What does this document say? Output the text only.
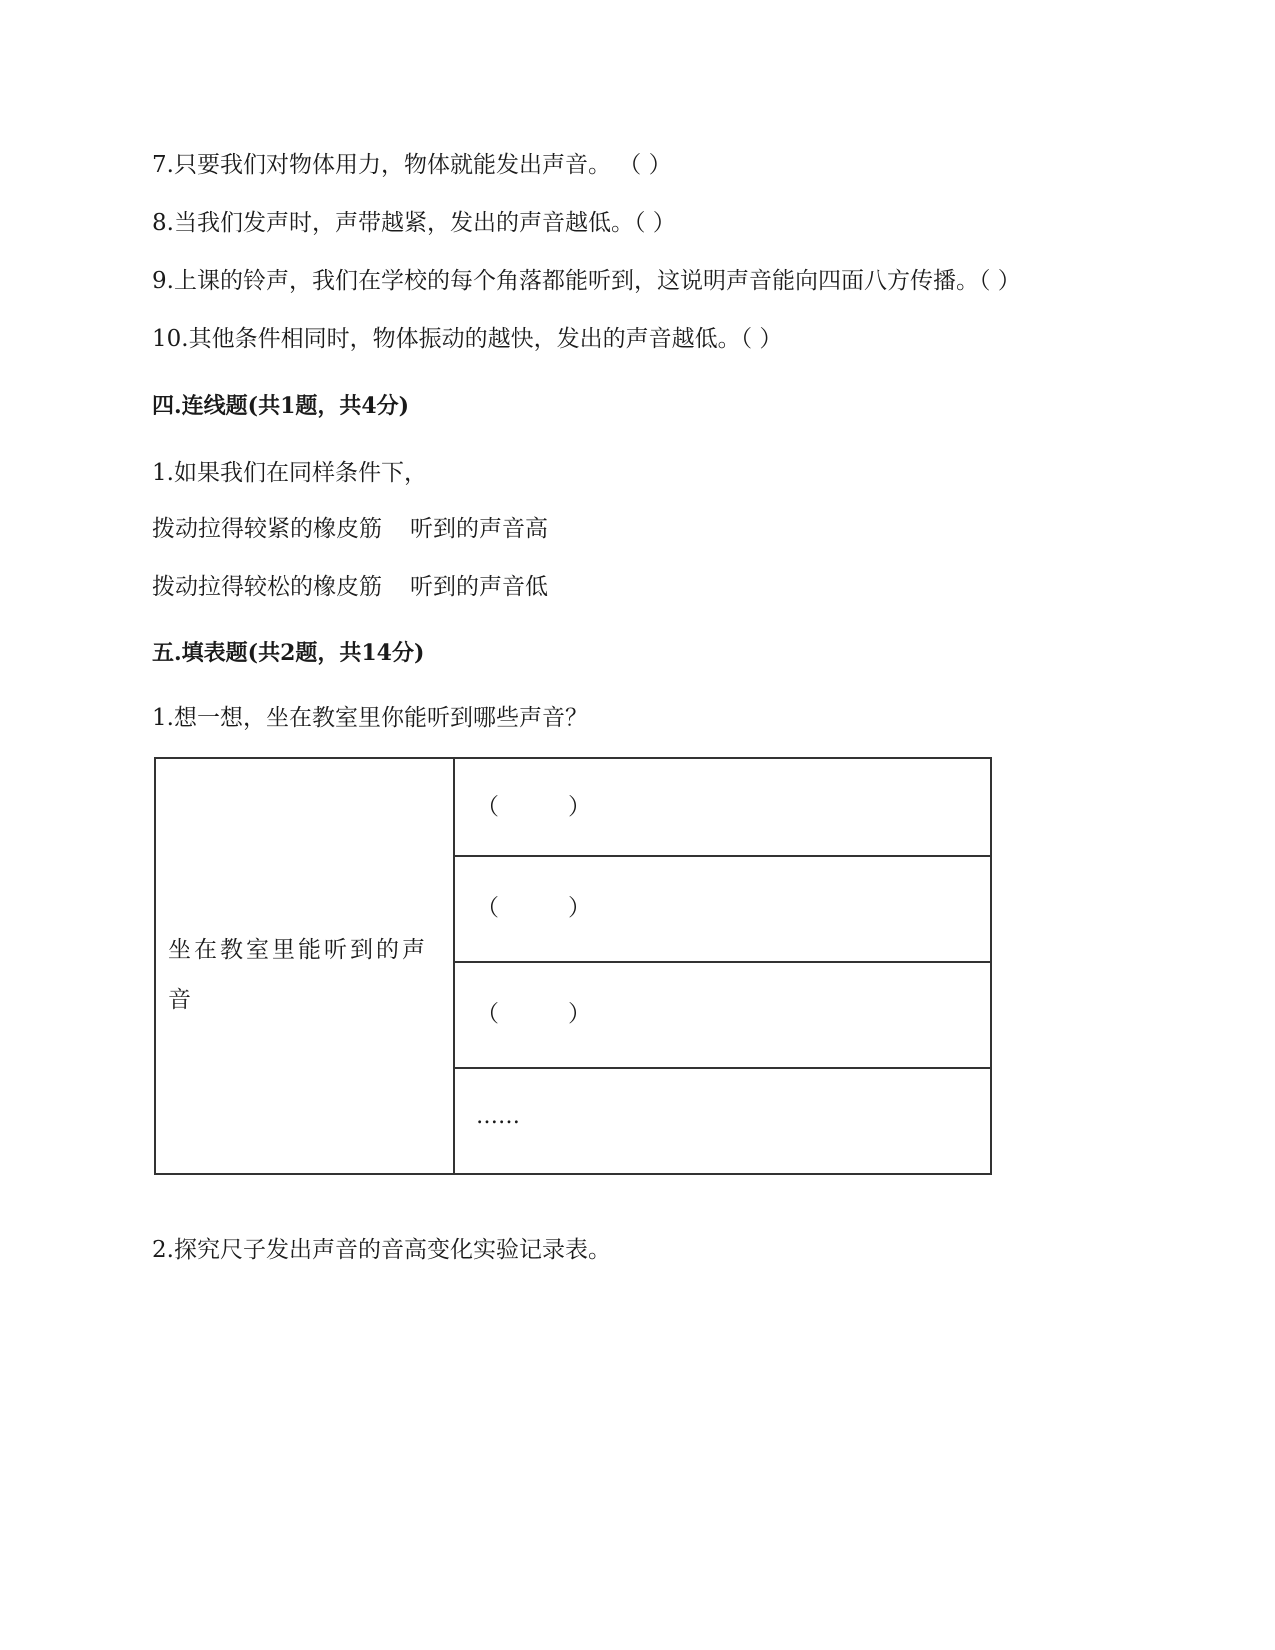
7.只要我们对物体用力，物体就能发出声音。 （ ）
8.当我们发声时，声带越紧，发出的声音越低。（ ）
9.上课的铃声，我们在学校的每个角落都能听到，这说明声音能向四面八方传播。（ ）
10.其他条件相同时，物体振动的越快，发出的声音越低。（ ）
四.连线题(共1题，共4分)
1.如果我们在同样条件下，
拨动拉得较紧的橡皮筋 听到的声音高
拨动拉得较松的橡皮筋 听到的声音低
五.填表题(共2题，共14分)
1.想一想，坐在教室里你能听到哪些声音？
坐在教室里能听到的声音
（　　　）
（　　　）
（　　　）
……
2.探究尺子发出声音的音高变化实验记录表。
